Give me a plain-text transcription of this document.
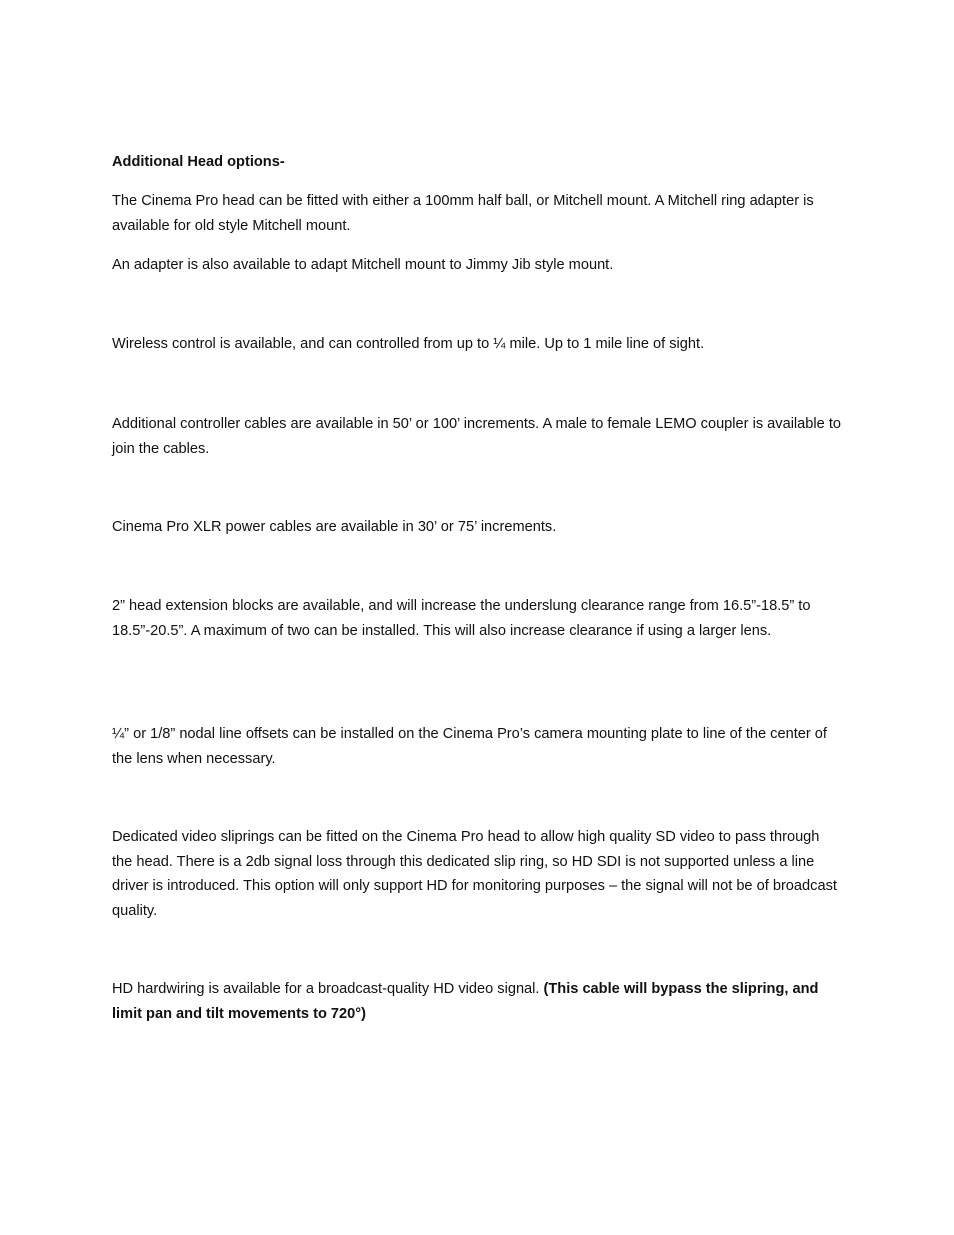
Additional Head options-

The Cinema Pro head can be fitted with either a 100mm half ball, or Mitchell mount. A Mitchell ring adapter is available for old style Mitchell mount.

An adapter is also available to adapt Mitchell mount to Jimmy Jib style mount.

Wireless control is available, and can controlled from up to ¼ mile. Up to 1 mile line of sight.

Additional controller cables are available in 50’ or 100’ increments. A male to female LEMO coupler is available to join the cables.

Cinema Pro XLR power cables are available in 30’ or 75’ increments.

2” head extension blocks are available, and will increase the underslung clearance range from 16.5”-18.5” to 18.5”-20.5”. A maximum of two can be installed. This will also increase clearance if using a larger lens.

¼” or 1/8” nodal line offsets can be installed on the Cinema Pro’s camera mounting plate to line of the center of the lens when necessary.

Dedicated video sliprings can be fitted on the Cinema Pro head to allow high quality SD video to pass through the head. There is a 2db signal loss through this dedicated slip ring, so HD SDI is not supported unless a line driver is introduced. This option will only support HD for monitoring purposes – the signal will not be of broadcast quality.

HD hardwiring is available for a broadcast-quality HD video signal. (This cable will bypass the slipring, and limit pan and tilt movements to 720°)
